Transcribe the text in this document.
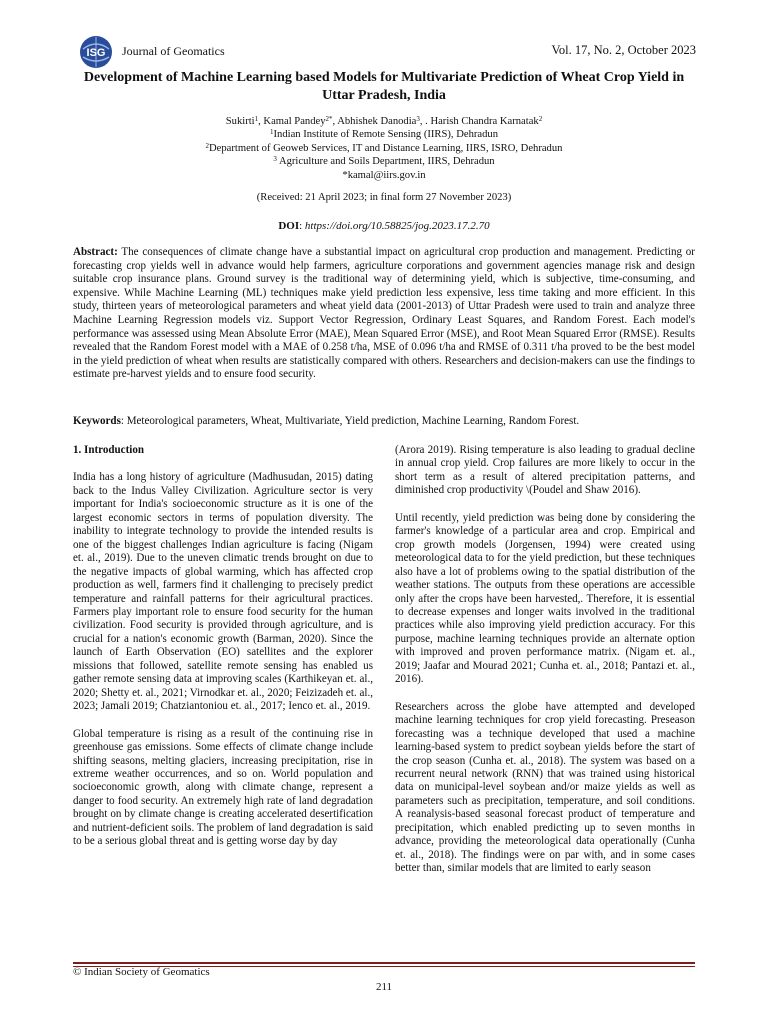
ISG Journal of Geomatics	Vol. 17, No. 2, October 2023
Development of Machine Learning based Models for Multivariate Prediction of Wheat Crop Yield in Uttar Pradesh, India
Sukirti$^1$, Kamal Pandey$^{2*}$, Abhishek Danodia$^3$, . Harish Chandra Karnatak$^2$
$^1$Indian Institute of Remote Sensing (IIRS), Dehradun
$^2$Department of Geoweb Services, IT and Distance Learning, IIRS, ISRO, Dehradun
$^3$ Agriculture and Soils Department, IIRS, Dehradun
*kamal@iirs.gov.in
(Received: 21 April 2023; in final form 27 November 2023)
DOI: https://doi.org/10.58825/jog.2023.17.2.70
Abstract: The consequences of climate change have a substantial impact on agricultural crop production and management. Predicting or forecasting crop yields well in advance would help farmers, agriculture corporations and government agencies manage risk and design suitable crop insurance plans. Ground survey is the traditional way of determining yield, which is subjective, time-consuming, and expensive. While Machine Learning (ML) techniques make yield prediction less expensive, less time taking and more efficient. In this study, thirteen years of meteorological parameters and wheat yield data (2001-2013) of Uttar Pradesh were used to train and analyze three Machine Learning Regression models viz. Support Vector Regression, Ordinary Least Squares, and Random Forest. Each model's performance was assessed using Mean Absolute Error (MAE), Mean Squared Error (MSE), and Root Mean Squared Error (RMSE). Results revealed that the Random Forest model with a MAE of 0.258 t/ha, MSE of 0.096 t/ha and RMSE of 0.311 t/ha proved to be the best model in the yield prediction of wheat when results are statistically compared with others. Researchers and decision-makers can use the findings to estimate pre-harvest yields and to ensure food security.
Keywords: Meteorological parameters, Wheat, Multivariate, Yield prediction, Machine Learning, Random Forest.
1. Introduction

India has a long history of agriculture (Madhusudan, 2015) dating back to the Indus Valley Civilization. Agriculture sector is very important for India's socioeconomic structure as it is one of the largest economic sectors in terms of population diversity. The inability to integrate technology to provide the intended results is one of the biggest challenges Indian agriculture is facing (Nigam et. al., 2019). Due to the uneven climatic trends brought on due to the negative impacts of global warming, which has affected crop production as well, farmers find it challenging to precisely predict temperature and rainfall patterns for their agricultural practices. Farmers play important role to ensure food security for the human civilization. Food security is provided through agriculture, and is crucial for a nation's economic growth (Barman, 2020). Since the launch of Earth Observation (EO) satellites and the explorer missions that followed, satellite remote sensing has enabled us gather remote sensing data at improving scales (Karthikeyan et. al., 2020; Shetty et. al., 2021; Virnodkar et. al., 2020; Feizizadeh et. al., 2023; Jamali 2019; Chatziantoniou et. al., 2017; Ienco et. al., 2019.

Global temperature is rising as a result of the continuing rise in greenhouse gas emissions. Some effects of climate change include shifting seasons, melting glaciers, increasing precipitation, rise in extreme weather occurrences, and so on. World population and socioeconomic growth, along with climate change, represent a danger to food security. An extremely high rate of land degradation brought on by climate change is creating accelerated desertification and nutrient-deficient soils. The problem of land degradation is said to be a serious global threat and is getting worse day by day

(Arora 2019). Rising temperature is also leading to gradual decline in annual crop yield. Crop failures are more likely to occur in the short term as a result of altered precipitation patterns, and diminished crop productivity \(Poudel and Shaw 2016).

Until recently, yield prediction was being done by considering the farmer's knowledge of a particular area and crop. Empirical and crop growth models (Jorgensen, 1994) were created using meteorological data to for the yield prediction, but these techniques also have a lot of problems owing to the spatial distribution of the weather stations. The outputs from these operations are accessible only after the crops have been harvested,. Therefore, it is essential to decrease expenses and longer waits involved in the traditional practices while also improving yield prediction accuracy. For this purpose, machine learning techniques provide an alternate option with improved and proven performance matrix. (Nigam et. al., 2019; Jaafar and Mourad 2021; Cunha et. al., 2018; Pantazi et. al., 2016).

Researchers across the globe have attempted and developed machine learning techniques for crop yield forecasting. Preseason forecasting was a technique developed that used a machine learning-based system to predict soybean yields before the start of the crop season (Cunha et. al., 2018). The system was based on a recurrent neural network (RNN) that was trained using historical data on municipal-level soybean and/or maize yields as well as parameters such as precipitation, temperature, and soil conditions. A reanalysis-based seasonal forecast product of temperature and precipitation, which enabled predicting up to seven months in advance, providing the meteorological data operationally (Cunha et. al., 2018). The findings were on par with, and in some cases better than, similar models that are limited to early season

© Indian Society of Geomatics
211
